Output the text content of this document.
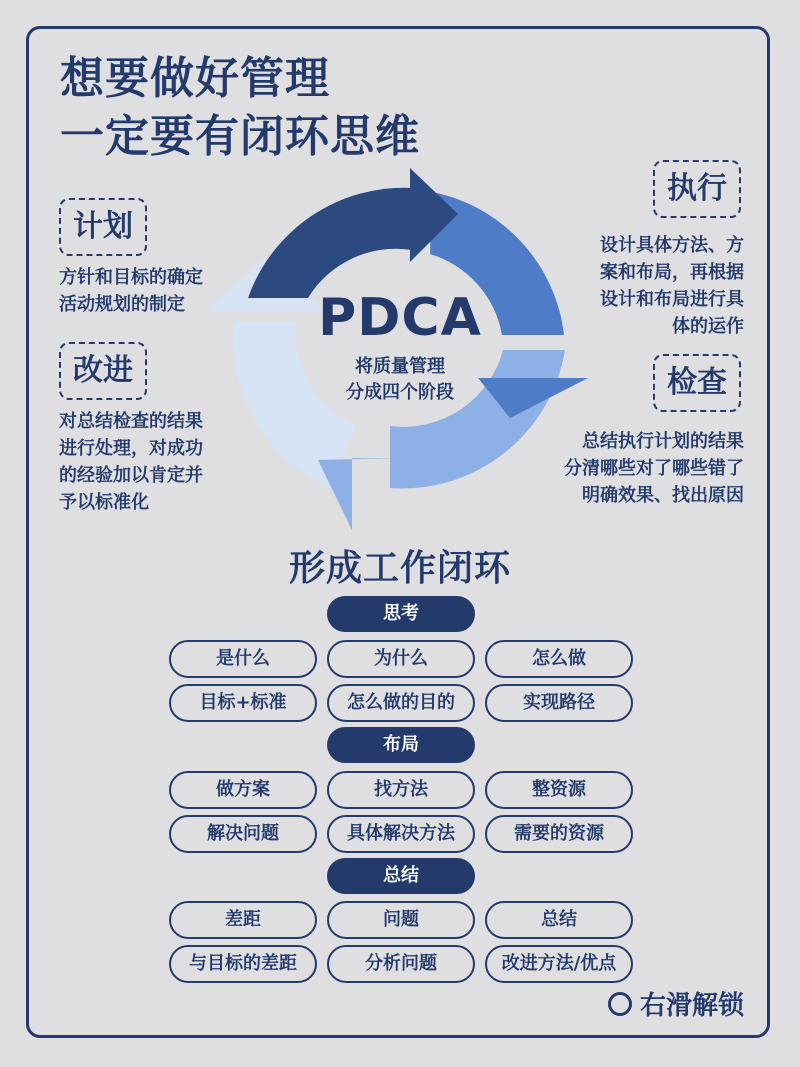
想要做好管理
一定要有闭环思维
PDCA
将质量管理
分成四个阶段
计划
方针和目标的确定
活动规划的制定
改进
对总结检查的结果
进行处理，对成功
的经验加以肯定并
予以标准化
执行
设计具体方法、方
案和布局，再根据
设计和布局进行具
体的运作
检查
总结执行计划的结果
分清哪些对了哪些错了
明确效果、找出原因
形成工作闭环
思考
是什么	为什么	怎么做
目标+标准	怎么做的目的	实现路径
布局
做方案	找方法	整资源
解决问题	具体解决方法	需要的资源
总结
差距	问题	总结
与目标的差距	分析问题	改进方法/优点
右滑解锁
